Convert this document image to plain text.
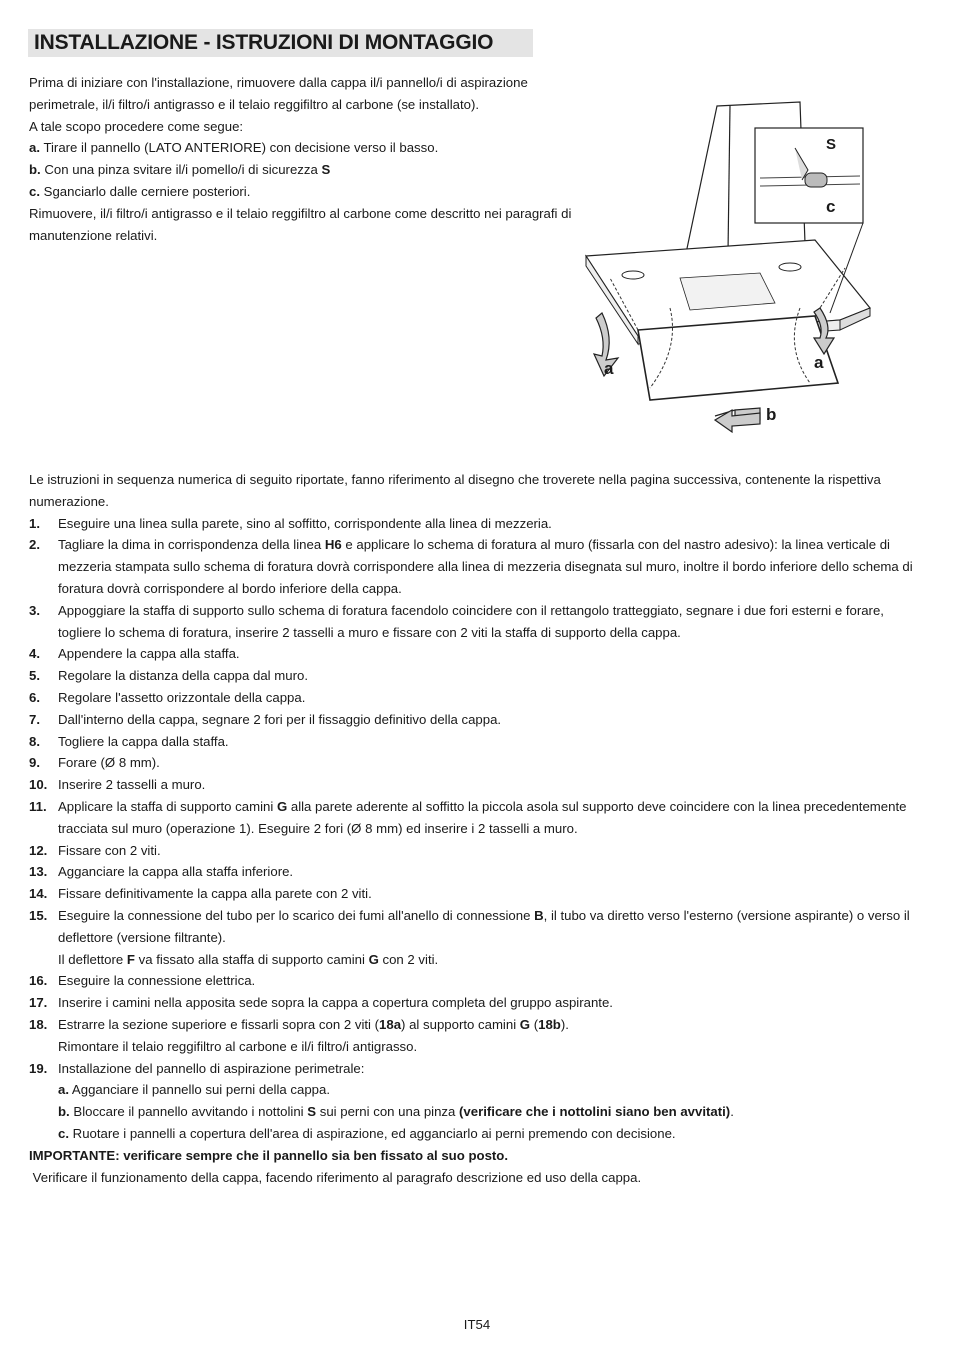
INSTALLAZIONE - ISTRUZIONI DI MONTAGGIO

Prima di iniziare con l'installazione, rimuovere dalla cappa il/i pannello/i di aspirazione perimetrale, il/i filtro/i antigrasso e il telaio reggifiltro al carbone (se installato).

A tale scopo procedere come segue:

a. Tirare il pannello (LATO ANTERIORE) con decisione verso il basso.

b. Con una pinza svitare il/i pomello/i di sicurezza S

c. Sganciarlo dalle cerniere posteriori.

Rimuovere, il/i filtro/i antigrasso e il telaio reggifiltro al carbone come descritto nei paragrafi di manutenzione relativi.

S
c
a	a
b

Le istruzioni in sequenza numerica di seguito riportate, fanno riferimento al disegno che troverete nella pagina successiva, contenente la rispettiva numerazione.

1.	Eseguire una linea sulla parete, sino al soffitto, corrispondente alla linea di mezzeria.
2.	Tagliare la dima in corrispondenza della linea H6 e applicare lo schema di foratura al muro (fissarla con del nastro adesivo): la linea verticale di mezzeria stampata sullo schema di foratura dovrà corrispondere alla linea di mezzeria disegnata sul muro, inoltre il bordo inferiore dello schema di foratura dovrà corrispondere al bordo inferiore della cappa.
3.	Appoggiare la staffa di supporto sullo schema di foratura facendolo coincidere con il rettangolo tratteggiato, segnare i due fori esterni e forare, togliere lo schema di foratura, inserire 2 tasselli a muro e fissare con 2 viti la staffa di supporto della cappa.
4.	Appendere la cappa alla staffa.
5.	Regolare la distanza della cappa dal muro.
6.	Regolare l'assetto orizzontale della cappa.
7.	Dall'interno della cappa, segnare 2 fori per il fissaggio definitivo della cappa.
8.	Togliere la cappa dalla staffa.
9.	Forare (Ø 8 mm).
10. Inserire 2 tasselli a muro.
11. Applicare la staffa di supporto camini G alla parete aderente al soffitto la piccola asola sul supporto deve coincidere con la linea precedentemente tracciata sul muro (operazione 1). Eseguire 2 fori (Ø 8 mm) ed inserire i 2 tasselli a muro.
12. Fissare con 2 viti.
13. Agganciare la cappa alla staffa inferiore.
14. Fissare definitivamente la cappa alla parete con 2 viti.
15. Eseguire la connessione del tubo per lo scarico dei fumi all'anello di connessione B, il tubo va diretto verso l'esterno (versione aspirante) o verso il deflettore (versione filtrante).
Il deflettore F va fissato alla staffa di supporto camini G con 2 viti.
16. Eseguire la connessione elettrica.
17. Inserire i camini nella apposita sede sopra la cappa a copertura completa del gruppo aspirante.
18. Estrarre la sezione superiore e fissarli sopra con 2 viti (18a) al supporto camini G (18b).
Rimontare il telaio reggifiltro al carbone e il/i filtro/i antigrasso.
19. Installazione del pannello di aspirazione perimetrale:
a. Agganciare il pannello sui perni della cappa.
b. Bloccare il pannello avvitando i nottolini S sui perni con una pinza (verificare che i nottolini siano ben avvitati).
c. Ruotare i pannelli a copertura dell'area di aspirazione, ed agganciarlo ai perni premendo con decisione.

IMPORTANTE: verificare sempre che il pannello sia ben fissato al suo posto.

Verificare il funzionamento della cappa, facendo riferimento al paragrafo descrizione ed uso della cappa.

IT54
